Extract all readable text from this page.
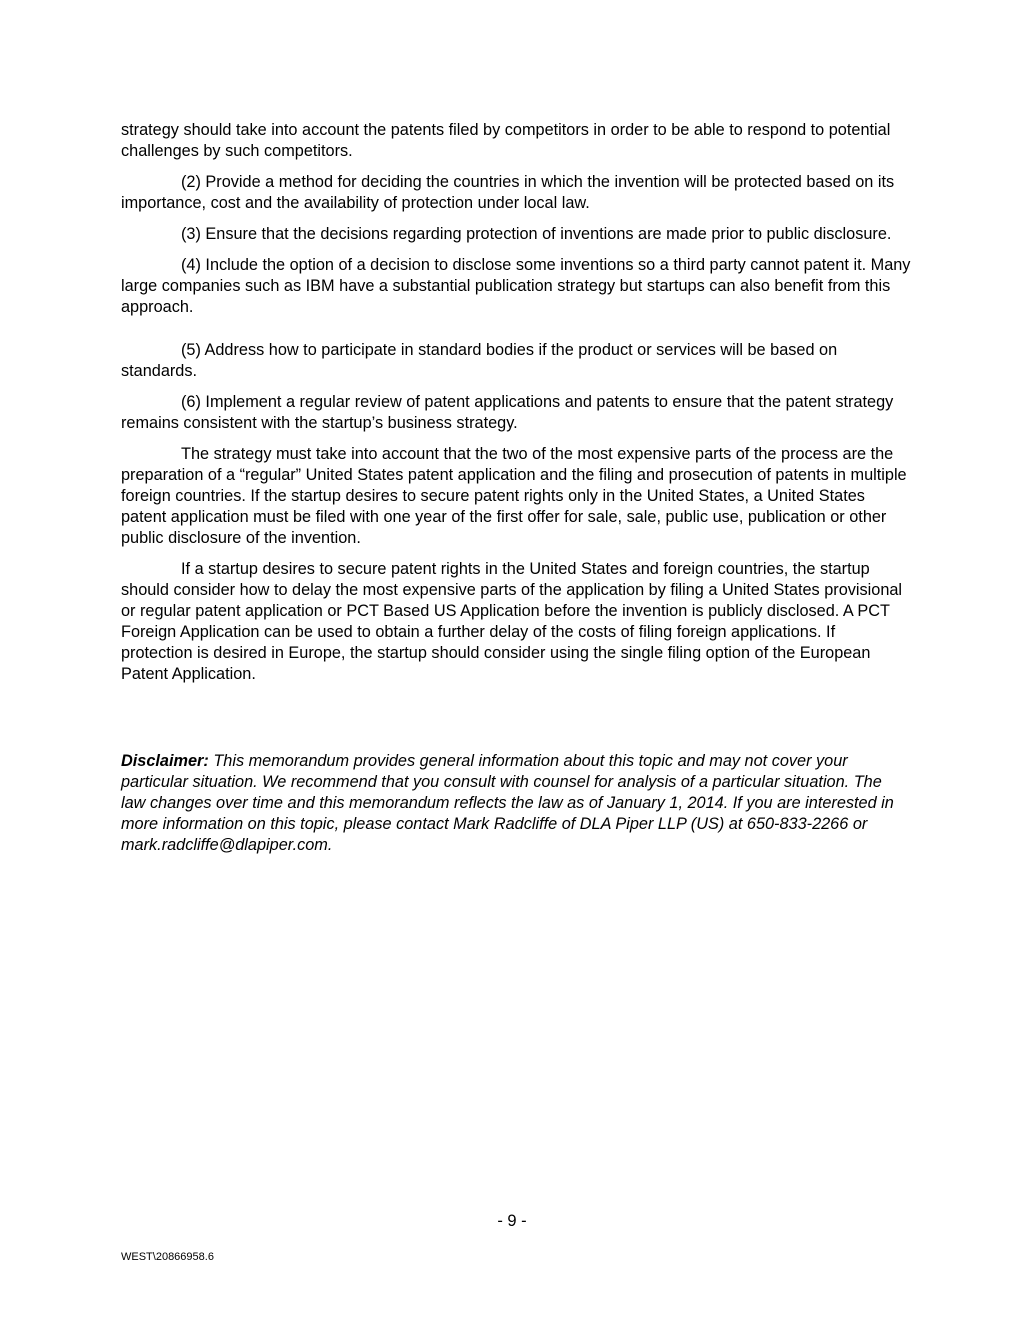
strategy should take into account the patents filed by competitors in order to be able to respond to potential challenges by such competitors.

(2) Provide a method for deciding the countries in which the invention will be protected based on its importance, cost and the availability of protection under local law.

(3) Ensure that the decisions regarding protection of inventions are made prior to public disclosure.

(4) Include the option of a decision to disclose some inventions so a third party cannot patent it. Many large companies such as IBM have a substantial publication strategy but startups can also benefit from this approach.

(5) Address how to participate in standard bodies if the product or services will be based on standards.

(6) Implement a regular review of patent applications and patents to ensure that the patent strategy remains consistent with the startup’s business strategy.

The strategy must take into account that the two of the most expensive parts of the process are the preparation of a “regular” United States patent application and the filing and prosecution of patents in multiple foreign countries. If the startup desires to secure patent rights only in the United States, a United States patent application must be filed with one year of the first offer for sale, sale, public use, publication or other public disclosure of the invention.

If a startup desires to secure patent rights in the United States and foreign countries, the startup should consider how to delay the most expensive parts of the application by filing a United States provisional or regular patent application or PCT Based US Application before the invention is publicly disclosed. A PCT Foreign Application can be used to obtain a further delay of the costs of filing foreign applications. If protection is desired in Europe, the startup should consider using the single filing option of the European Patent Application.

Disclaimer: This memorandum provides general information about this topic and may not cover your particular situation. We recommend that you consult with counsel for analysis of a particular situation. The law changes over time and this memorandum reflects the law as of January 1, 2014. If you are interested in more information on this topic, please contact Mark Radcliffe of DLA Piper LLP (US) at 650-833-2266 or mark.radcliffe@dlapiper.com.

- 9 -
WEST\20866958.6
